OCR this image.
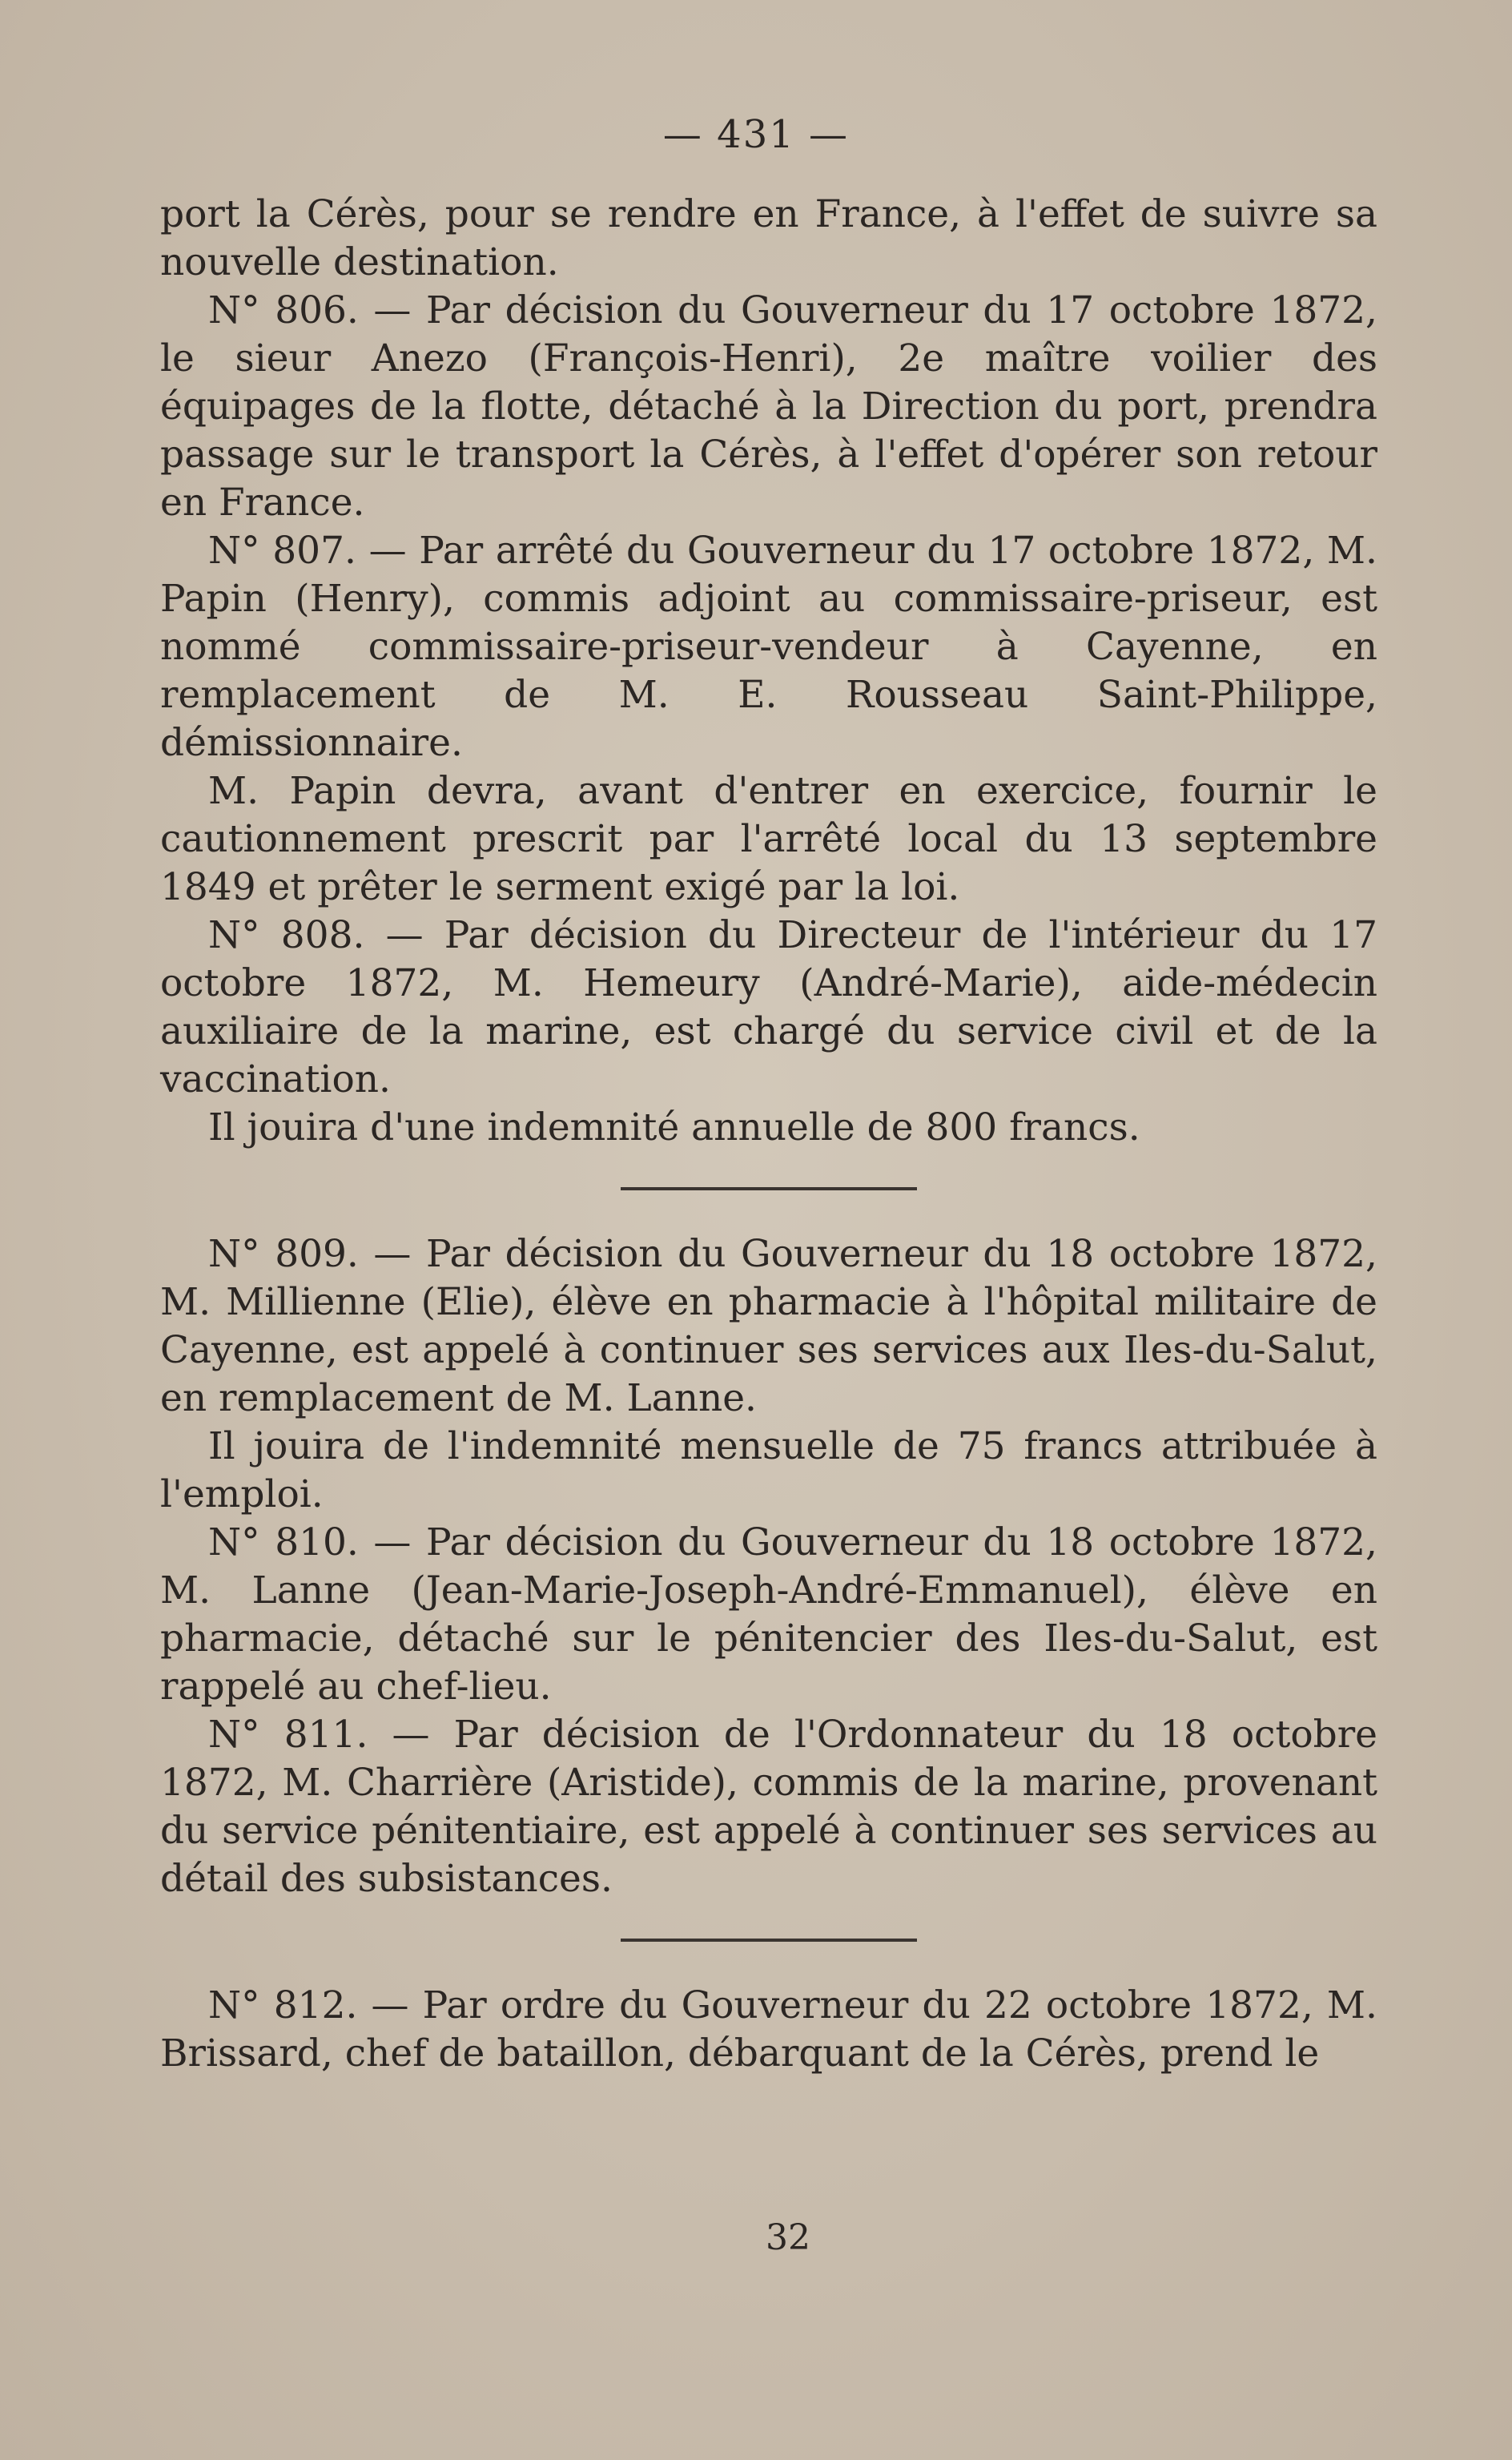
— 431 —

port la Cérès, pour se rendre en France, à l'effet de suivre sa nouvelle destination.

N° 806. — Par décision du Gouverneur du 17 octobre 1872, le sieur Anezo (François-Henri), 2e maître voilier des équipages de la flotte, détaché à la Direction du port, prendra passage sur le transport la Cérès, à l'effet d'opérer son retour en France.

N° 807. — Par arrêté du Gouverneur du 17 octobre 1872, M. Papin (Henry), commis adjoint au commissaire-priseur, est nommé commissaire-priseur-vendeur à Cayenne, en remplacement de M. E. Rousseau Saint-Philippe, démissionnaire.

M. Papin devra, avant d'entrer en exercice, fournir le cautionnement prescrit par l'arrêté local du 13 septembre 1849 et prêter le serment exigé par la loi.

N° 808. — Par décision du Directeur de l'intérieur du 17 octobre 1872, M. Hemeury (André-Marie), aide-médecin auxiliaire de la marine, est chargé du service civil et de la vaccination.

Il jouira d'une indemnité annuelle de 800 francs.

N° 809. — Par décision du Gouverneur du 18 octobre 1872, M. Millienne (Elie), élève en pharmacie à l'hôpital militaire de Cayenne, est appelé à continuer ses services aux Iles-du-Salut, en remplacement de M. Lanne.

Il jouira de l'indemnité mensuelle de 75 francs attribuée à l'emploi.

N° 810. — Par décision du Gouverneur du 18 octobre 1872, M. Lanne (Jean-Marie-Joseph-André-Emmanuel), élève en pharmacie, détaché sur le pénitencier des Iles-du-Salut, est rappelé au chef-lieu.

N° 811. — Par décision de l'Ordonnateur du 18 octobre 1872, M. Charrière (Aristide), commis de la marine, provenant du service pénitentiaire, est appelé à continuer ses services au détail des subsistances.

N° 812. — Par ordre du Gouverneur du 22 octobre 1872, M. Brissard, chef de bataillon, débarquant de la Cérès, prend le

32
